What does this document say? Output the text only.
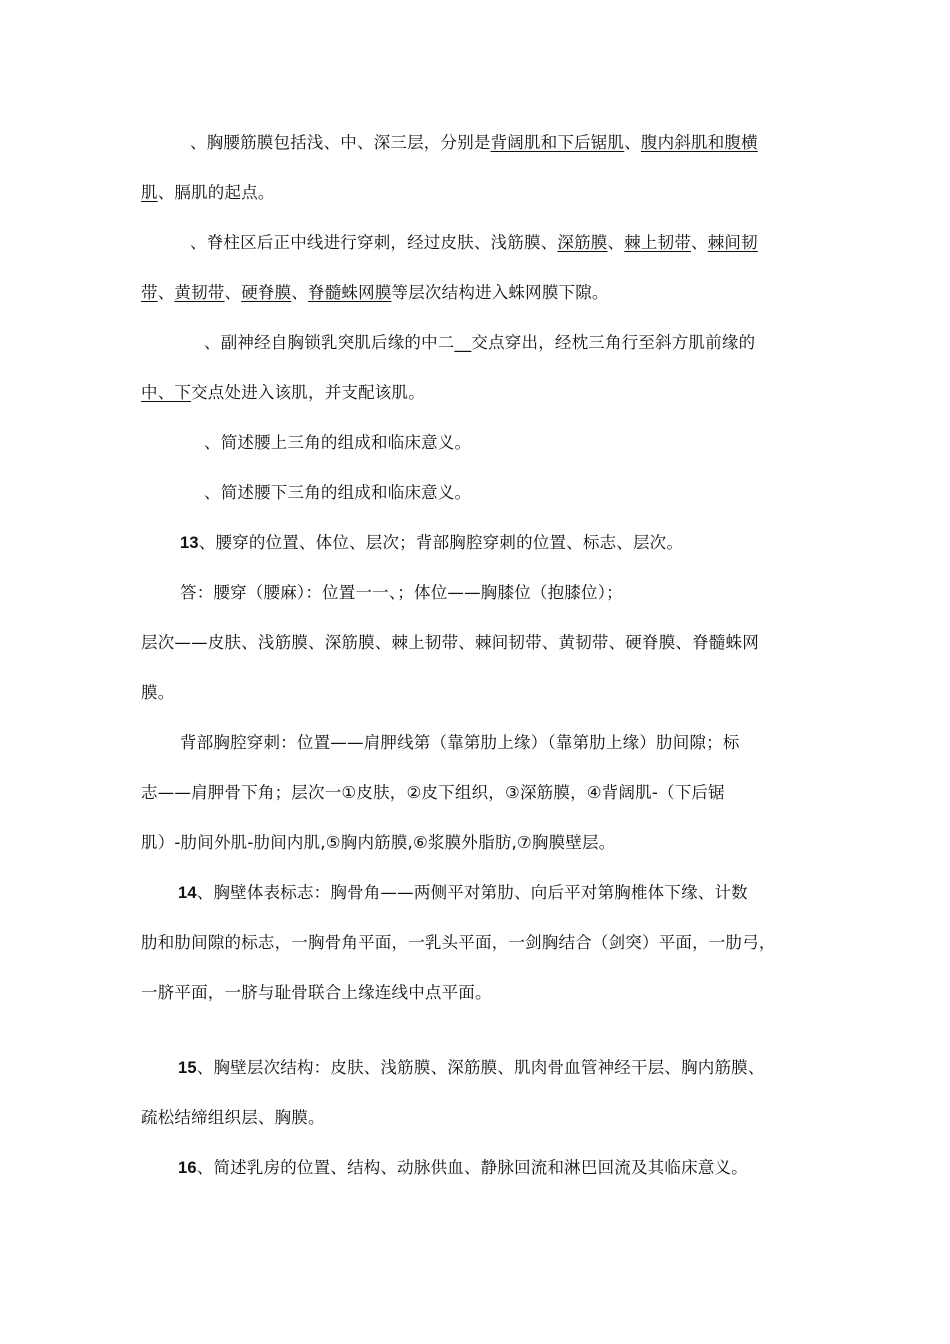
、胸腰筋膜包括浅、中、深三层，分别是背阔肌和下后锯肌、腹内斜肌和腹横
肌、膈肌的起点。
、脊柱区后正中线进行穿刺，经过皮肤、浅筋膜、深筋膜、棘上韧带、棘间韧
带、黄韧带、硬脊膜、脊髓蛛网膜等层次结构进入蛛网膜下隙。
、副神经自胸锁乳突肌后缘的中二__交点穿出，经枕三角行至斜方肌前缘的
中、下交点处进入该肌，并支配该肌。
、简述腰上三角的组成和临床意义。
、简述腰下三角的组成和临床意义。
13、腰穿的位置、体位、层次；背部胸腔穿刺的位置、标志、层次。
答：腰穿（腰麻）：位置一一、；体位——胸膝位（抱膝位）；
层次——皮肤、浅筋膜、深筋膜、棘上韧带、棘间韧带、黄韧带、硬脊膜、脊髓蛛网
膜。
背部胸腔穿刺：位置——肩胛线第（靠第肋上缘）（靠第肋上缘）肋间隙；标
志——肩胛骨下角；层次一①皮肤，②皮下组织，③深筋膜，④背阔肌-（下后锯
肌）-肋间外肌-肋间内肌,⑤胸内筋膜,⑥浆膜外脂肪,⑦胸膜壁层。
14、胸壁体表标志：胸骨角——两侧平对第肋、向后平对第胸椎体下缘、计数
肋和肋间隙的标志，一胸骨角平面，一乳头平面，一剑胸结合（剑突）平面，一肋弓，
一脐平面，一脐与耻骨联合上缘连线中点平面。
15、胸壁层次结构：皮肤、浅筋膜、深筋膜、肌肉骨血管神经干层、胸内筋膜、
疏松结缔组织层、胸膜。
16、简述乳房的位置、结构、动脉供血、静脉回流和淋巴回流及其临床意义。
